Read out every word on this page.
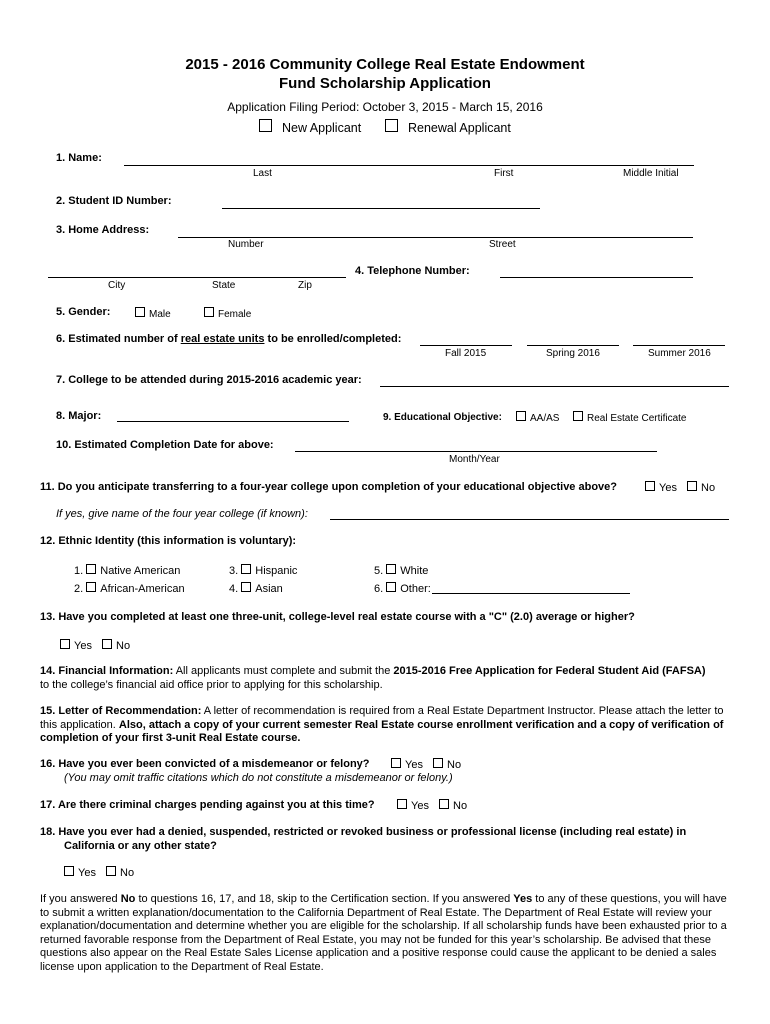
2015 - 2016 Community College Real Estate Endowment
Fund Scholarship Application
Application Filing Period: October 3, 2015 - March 15, 2016
New Applicant	Renewal Applicant
1. Name:
Last	First	Middle Initial
2. Student ID Number:
3. Home Address:
Number	Street
City	State	Zip
4. Telephone Number:
5. Gender:	Male	Female
6. Estimated number of real estate units to be enrolled/completed:
Fall 2015	Spring 2016	Summer 2016
7. College to be attended during 2015-2016 academic year:
8. Major:	9. Educational Objective:	AA/AS	Real Estate Certificate
10. Estimated Completion Date for above:
Month/Year
11. Do you anticipate transferring to a four-year college upon completion of your educational objective above?	Yes	No
If yes, give name of the four year college (if known):
12. Ethnic Identity (this information is voluntary):
1. Native American
2. African-American
3. Hispanic
4. Asian
5. White
6. Other:
13. Have you completed at least one three-unit, college-level real estate course with a "C" (2.0) average or higher?
Yes	No
14. Financial Information: All applicants must complete and submit the 2015-2016 Free Application for Federal Student Aid (FAFSA)
to the college’s financial aid office prior to applying for this scholarship.
15. Letter of Recommendation: A letter of recommendation is required from a Real Estate Department Instructor. Please attach the letter to this application. Also, attach a copy of your current semester Real Estate course enrollment verification and a copy of verification of completion of your first 3-unit Real Estate course.
16. Have you ever been convicted of a misdemeanor or felony?	Yes	No
(You may omit traffic citations which do not constitute a misdemeanor or felony.)
17. Are there criminal charges pending against you at this time?	Yes	No
18. Have you ever had a denied, suspended, restricted or revoked business or professional license (including real estate) in
California or any other state?
Yes	No
If you answered No to questions 16, 17, and 18, skip to the Certification section. If you answered Yes to any of these questions, you will have to submit a written explanation/documentation to the California Department of Real Estate. The Department of Real Estate will review your explanation/documentation and determine whether you are eligible for the scholarship. If all scholarship funds have been exhausted prior to a returned favorable response from the Department of Real Estate, you may not be funded for this year’s scholarship. Be advised that these questions also appear on the Real Estate Sales License application and a positive response could cause the applicant to be denied a sales license upon application to the Department of Real Estate.
